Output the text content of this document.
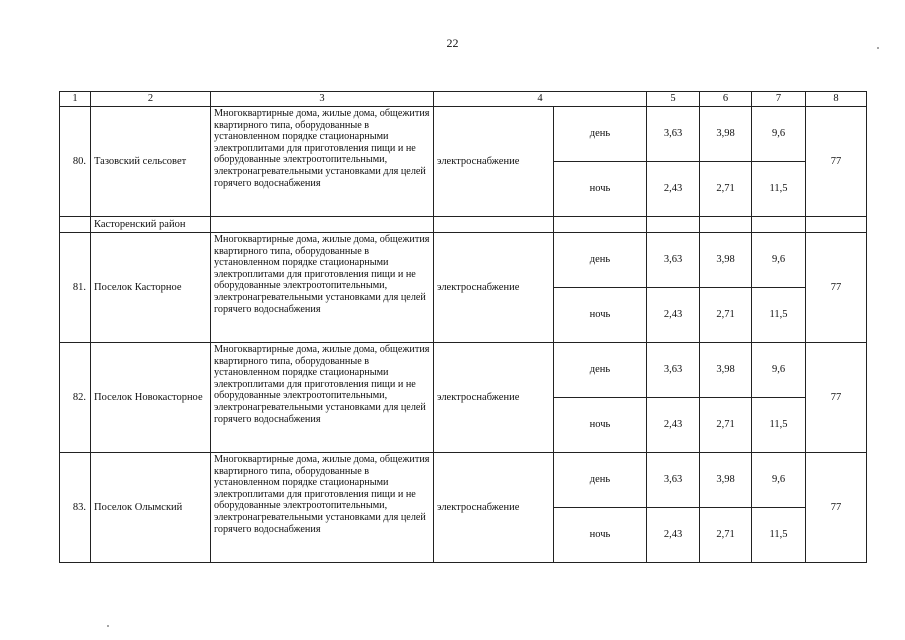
22
1	2	3	4		5	6	7	8
80.	Тазовский сельсовет	Многоквартирные дома, жилые дома, общежития квартирного типа, оборудованные в установленном порядке стационарными электроплитами для приготовления пищи и не оборудованные электроотопительными, электронагревательными установками для целей горячего водоснабжения	электроснабжение	день	3,63	3,98	9,6	77
				ночь	2,43	2,71	11,5	
	Касторенский район							
81.	Поселок Касторное	Многоквартирные дома, жилые дома, общежития квартирного типа, оборудованные в установленном порядке стационарными электроплитами для приготовления пищи и не оборудованные электроотопительными, электронагревательными установками для целей горячего водоснабжения	электроснабжение	день	3,63	3,98	9,6	77
				ночь	2,43	2,71	11,5	
82.	Поселок Новокасторное	Многоквартирные дома, жилые дома, общежития квартирного типа, оборудованные в установленном порядке стационарными электроплитами для приготовления пищи и не оборудованные электроотопительными, электронагревательными установками для целей горячего водоснабжения	электроснабжение	день	3,63	3,98	9,6	77
				ночь	2,43	2,71	11,5	
83.	Поселок Олымский	Многоквартирные дома, жилые дома, общежития квартирного типа, оборудованные в установленном порядке стационарными электроплитами для приготовления пищи и не оборудованные электроотопительными, электронагревательными установками для целей горячего водоснабжения	электроснабжение	день	3,63	3,98	9,6	77
				ночь	2,43	2,71	11,5	
